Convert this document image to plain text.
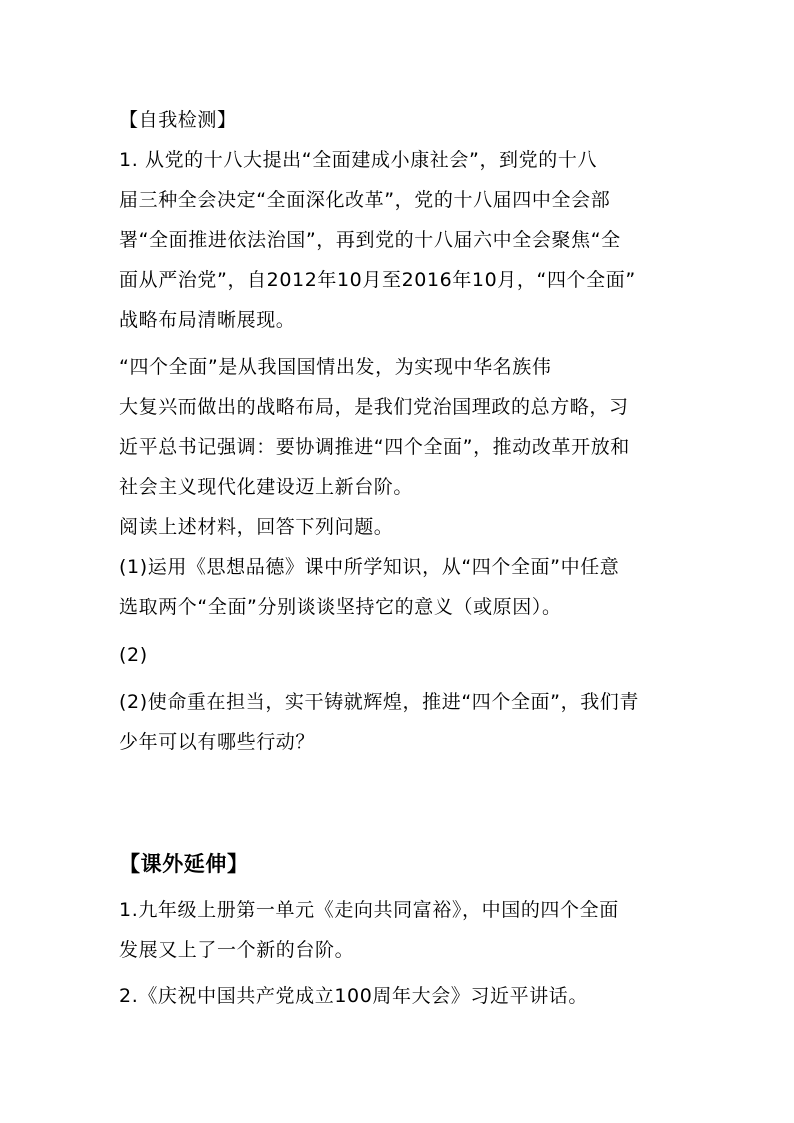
【自我检测】
1. 从党的十八大提出“全面建成小康社会”，到党的十八
届三种全会决定“全面深化改革”，党的十八届四中全会部
署“全面推进依法治国”，再到党的十八届六中全会聚焦“全
面从严治党”，自2012年10月至2016年10月，“四个全面”
战略布局清晰展现。
“四个全面”是从我国国情出发，为实现中华名族伟
大复兴而做出的战略布局，是我们党治国理政的总方略，习
近平总书记强调：要协调推进“四个全面”，推动改革开放和
社会主义现代化建设迈上新台阶。
阅读上述材料，回答下列问题。
(1)运用《思想品德》课中所学知识，从“四个全面”中任意
选取两个“全面”分别谈谈坚持它的意义（或原因）。
(2)
(2)使命重在担当，实干铸就辉煌，推进“四个全面”，我们青
少年可以有哪些行动？
【课外延伸】
1.九年级上册第一单元《走向共同富裕》，中国的四个全面
发展又上了一个新的台阶。
2.《庆祝中国共产党成立100周年大会》习近平讲话。
